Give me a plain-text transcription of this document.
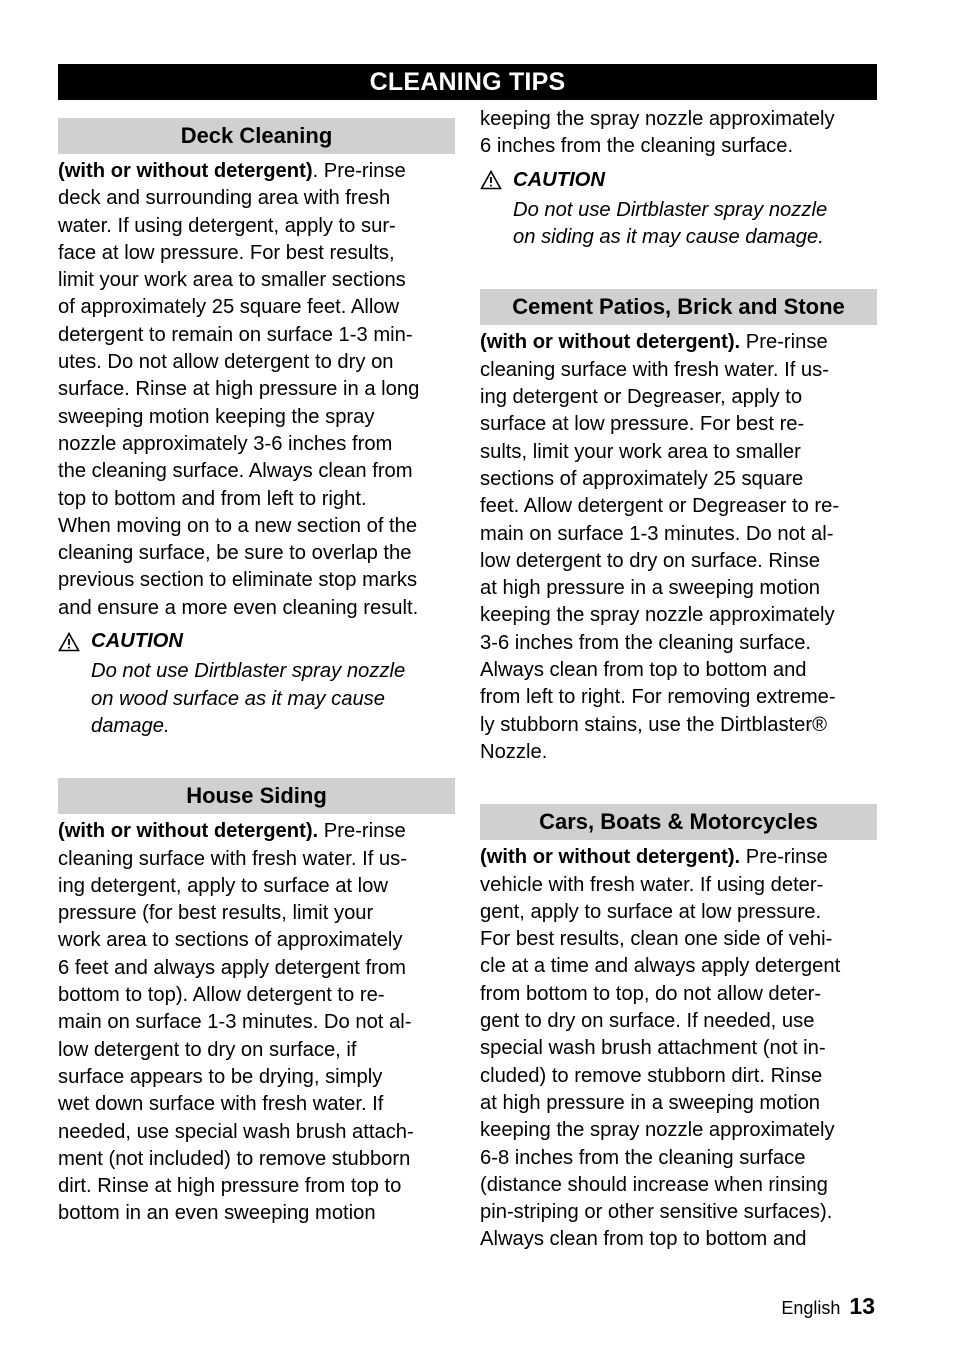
CLEANING TIPS
Deck Cleaning
(with or without detergent). Pre-rinse
deck and surrounding area with fresh
water. If using detergent, apply to sur-
face at low pressure. For best results,
limit your work area to smaller sections
of approximately 25 square feet. Allow
detergent to remain on surface 1-3 min-
utes. Do not allow detergent to dry on
surface. Rinse at high pressure in a long
sweeping motion keeping the spray
nozzle approximately 3-6 inches from
the cleaning surface. Always clean from
top to bottom and from left to right.
When moving on to a new section of the
cleaning surface, be sure to overlap the
previous section to eliminate stop marks
and ensure a more even cleaning result.
CAUTION
Do not use Dirtblaster spray nozzle
on wood surface as it may cause
damage.
House Siding
(with or without detergent). Pre-rinse
cleaning surface with fresh water. If us-
ing detergent, apply to surface at low
pressure (for best results, limit your
work area to sections of approximately
6 feet and always apply detergent from
bottom to top). Allow detergent to re-
main on surface 1-3 minutes. Do not al-
low detergent to dry on surface, if
surface appears to be drying, simply
wet down surface with fresh water. If
needed, use special wash brush attach-
ment (not included) to remove stubborn
dirt. Rinse at high pressure from top to
bottom in an even sweeping motion
keeping the spray nozzle approximately
6 inches from the cleaning surface.
CAUTION
Do not use Dirtblaster spray nozzle
on siding as it may cause damage.
Cement Patios, Brick and Stone
(with or without detergent). Pre-rinse
cleaning surface with fresh water. If us-
ing detergent or Degreaser, apply to
surface at low pressure. For best re-
sults, limit your work area to smaller
sections of approximately 25 square
feet. Allow detergent or Degreaser to re-
main on surface 1-3 minutes. Do not al-
low detergent to dry on surface. Rinse
at high pressure in a sweeping motion
keeping the spray nozzle approximately
3-6 inches from the cleaning surface.
Always clean from top to bottom and
from left to right. For removing extreme-
ly stubborn stains, use the Dirtblaster®
Nozzle.
Cars, Boats & Motorcycles
(with or without detergent). Pre-rinse
vehicle with fresh water. If using deter-
gent, apply to surface at low pressure.
For best results, clean one side of vehi-
cle at a time and always apply detergent
from bottom to top, do not allow deter-
gent to dry on surface. If needed, use
special wash brush attachment (not in-
cluded) to remove stubborn dirt. Rinse
at high pressure in a sweeping motion
keeping the spray nozzle approximately
6-8 inches from the cleaning surface
(distance should increase when rinsing
pin-striping or other sensitive surfaces).
Always clean from top to bottom and
English 13
